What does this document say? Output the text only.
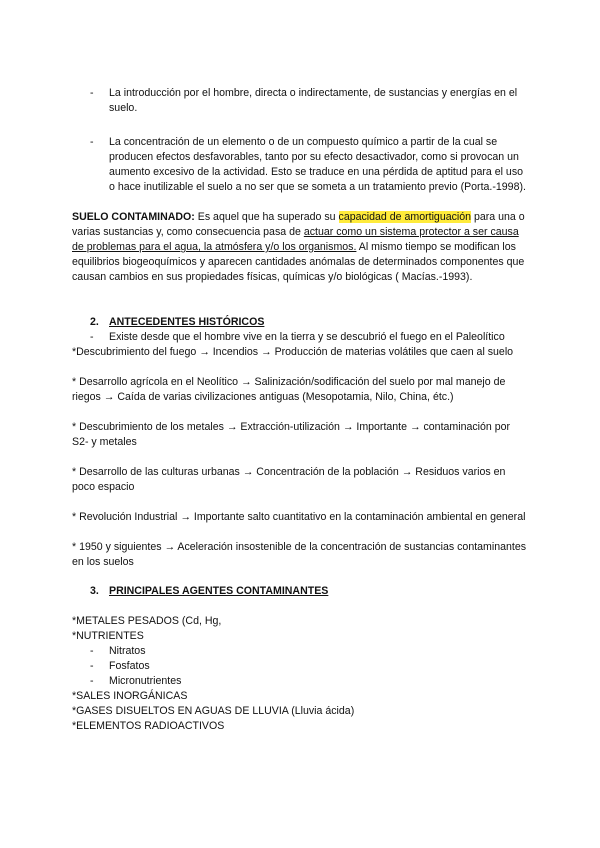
- La introducción por el hombre, directa o indirectamente, de sustancias y energías en el suelo.
- La concentración de un elemento o de un compuesto químico a partir de la cual se producen efectos desfavorables, tanto por su efecto desactivador, como si provocan un aumento excesivo de la actividad. Esto se traduce en una pérdida de aptitud para el uso o hace inutilizable el suelo a no ser que se someta a un tratamiento previo (Porta.-1998).

SUELO CONTAMINADO: Es aquel que ha superado su capacidad de amortiguación para una o varias sustancias y, como consecuencia pasa de actuar como un sistema protector a ser causa de problemas para el agua, la atmósfera y/o los organismos. Al mismo tiempo se modifican los equilibrios biogeoquímicos y aparecen cantidades anómalas de determinados componentes que causan cambios en sus propiedades físicas, químicas y/o biológicas ( Macías.-1993).

2. ANTECEDENTES HISTÓRICOS
- Existe desde que el hombre vive en la tierra y se descubrió el fuego en el Paleolítico

*Descubrimiento del fuego → Incendios → Producción de materias volátiles que caen al suelo

* Desarrollo agrícola en el Neolítico → Salinización/sodificación del suelo por mal manejo de riegos → Caída de varias civilizaciones antiguas (Mesopotamia, Nilo, China, étc.)

* Descubrimiento de los metales → Extracción-utilización → Importante → contaminación por S2- y metales

* Desarrollo de las culturas urbanas → Concentración de la población → Residuos varios en poco espacio

* Revolución Industrial → Importante salto cuantitativo en la contaminación ambiental en general

* 1950 y siguientes → Aceleración insostenible de la concentración de sustancias contaminantes en los suelos

3. PRINCIPALES AGENTES CONTAMINANTES

*METALES PESADOS (Cd, Hg,

*NUTRIENTES

- Nitratos
- Fosfatos
- Micronutrientes

*SALES INORGÁNICAS

*GASES DISUELTOS EN AGUAS DE LLUVIA (Lluvia ácida)

*ELEMENTOS RADIOACTIVOS
